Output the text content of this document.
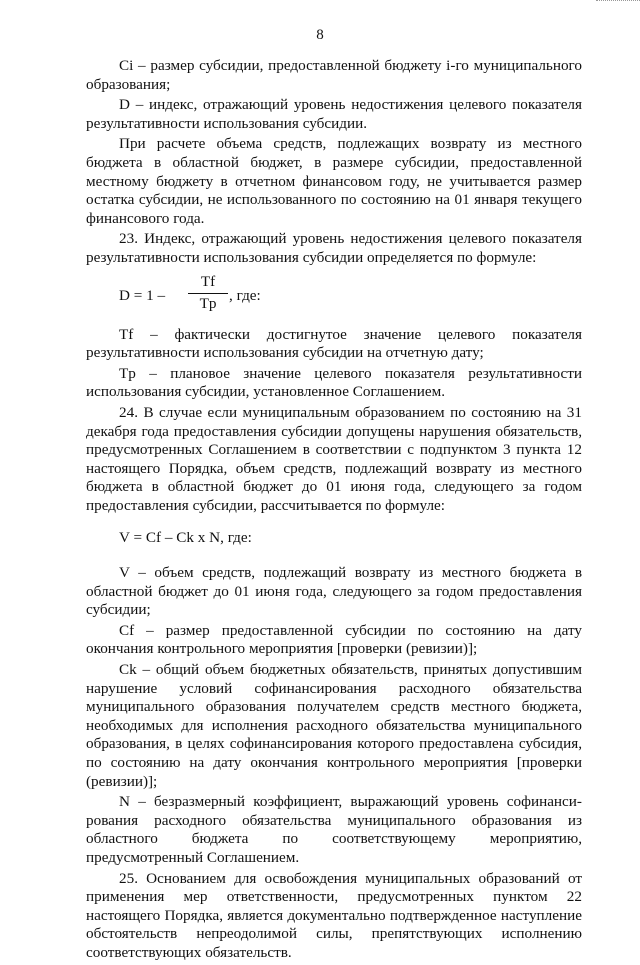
8

Ci – размер субсидии, предоставленной бюджету i-го муниципального образования;

D – индекс, отражающий уровень недостижения целевого показателя результативности использования субсидии.

При расчете объема средств, подлежащих возврату из местного бюджета в областной бюджет, в размере субсидии, предоставленной местному бюджету в отчетном финансовом году, не учитывается размер остатка субсидии, не использованного по состоянию на 01 января текущего финансового года.

23. Индекс, отражающий уровень недостижения целевого показателя результативности использования субсидии определяется по формуле:

D = 1 –
Tf
Tp , где:

Tf – фактически достигнутое значение целевого показателя результативности использования субсидии на отчетную дату;

Tp – плановое значение целевого показателя результативности использования субсидии, установленное Соглашением.

24. В случае если муниципальным образованием по состоянию на 31 декабря года предоставления субсидии допущены нарушения обязательств, предусмотренных Соглашением в соответствии с подпунктом 3 пункта 12 настоящего Порядка, объем средств, подлежащий возврату из местного бюджета в областной бюджет до 01 июня года, следующего за годом предоставления субсидии, рассчитывается по формуле:

V = Cf – Ck x N, где:

V – объем средств, подлежащий возврату из местного бюджета в областной бюджет до 01 июня года, следующего за годом предоставления субсидии;

Cf – размер предоставленной субсидии по состоянию на дату окончания контрольного мероприятия [проверки (ревизии)];

Ck – общий объем бюджетных обязательств, принятых допустившим нарушение условий софинансирования расходного обязательства муниципального образования получателем средств местного бюджета, необходимых для исполнения расходного обязательства муниципального образования, в целях софинансирования которого предоставлена субсидия, по состоянию на дату окончания контрольного мероприятия [проверки (ревизии)];

N – безразмерный коэффициент, выражающий уровень софинанси-рования расходного обязательства муниципального образования из областного бюджета по соответствующему мероприятию, предусмотренный Соглашением.

25. Основанием для освобождения муниципальных образований от применения мер ответственности, предусмотренных пунктом 22 настоящего Порядка, является документально подтвержденное наступление обстоятельств непреодолимой силы, препятствующих исполнению соответствующих обязательств.
